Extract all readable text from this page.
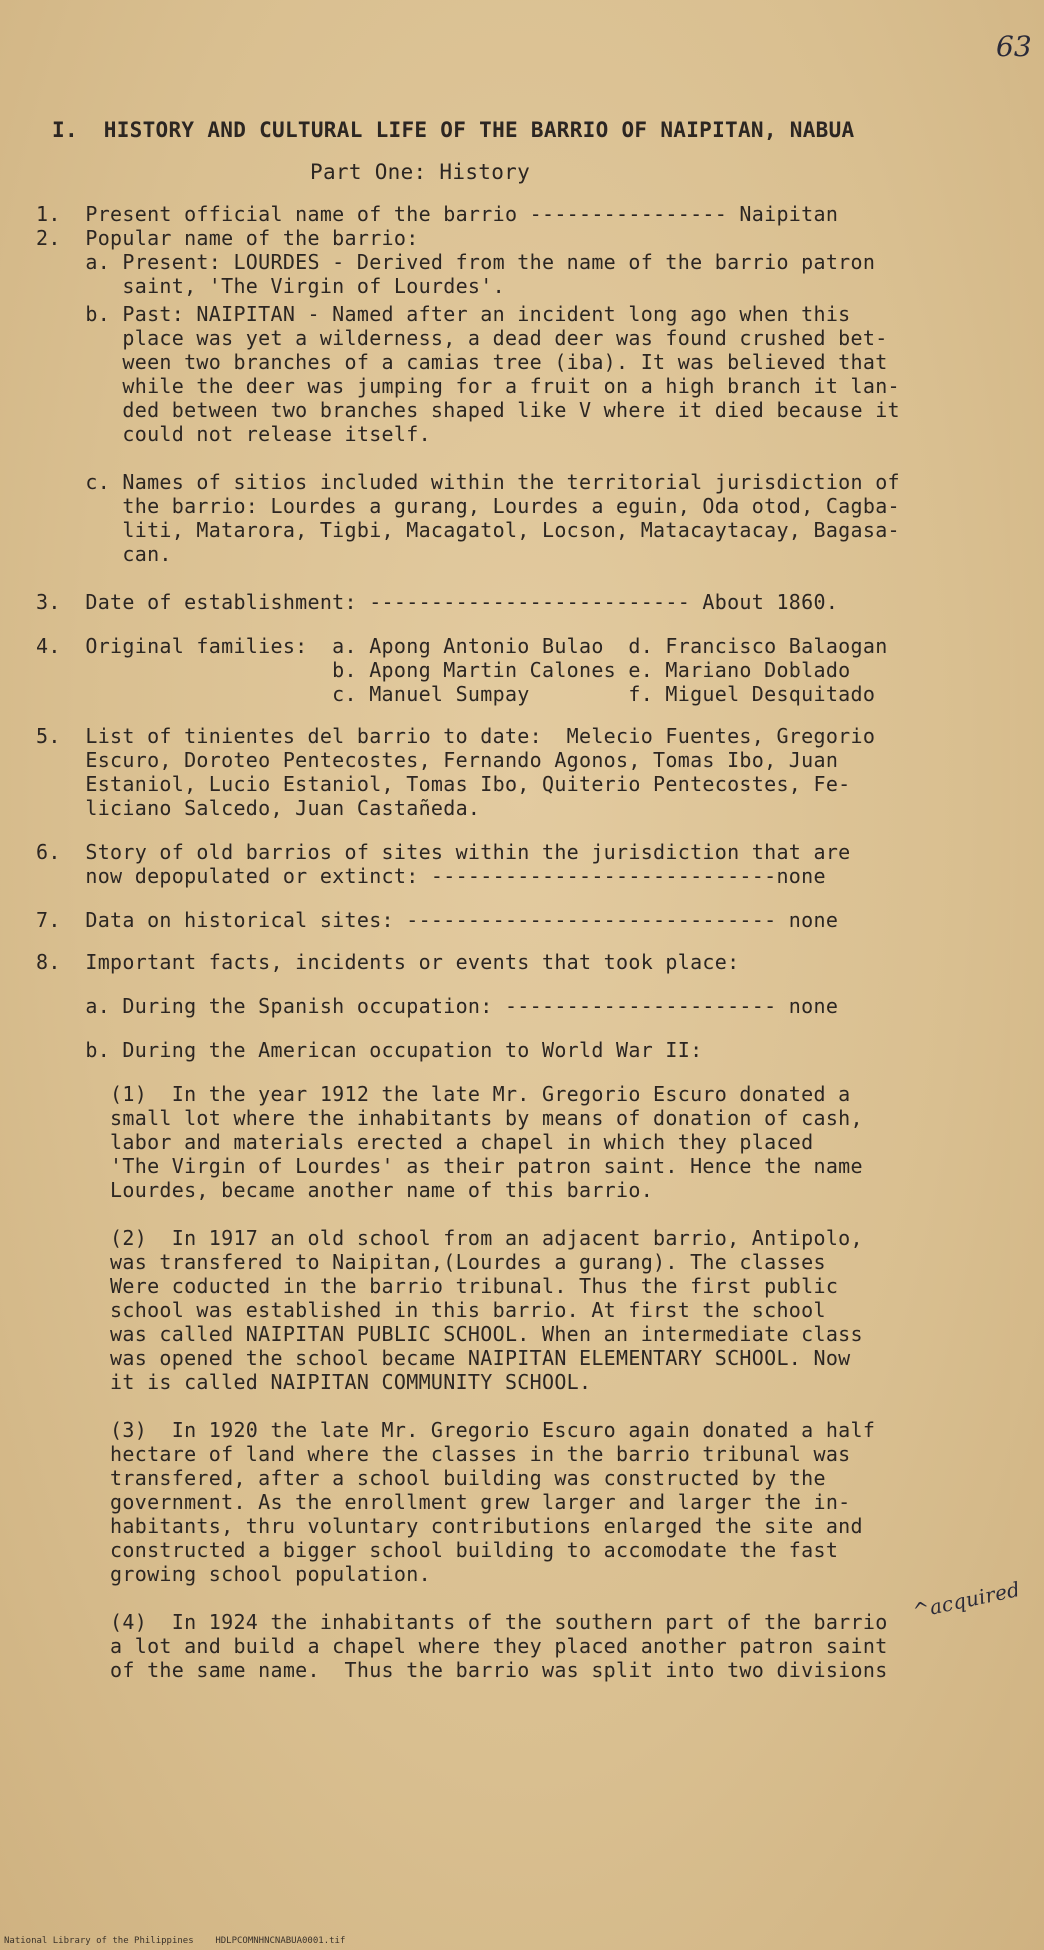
63
I.  HISTORY AND CULTURAL LIFE OF THE BARRIO OF NAIPITAN, NABUA
Part One: History
1.  Present official name of the barrio ---------------- Naipitan
2.  Popular name of the barrio:
a. Present: LOURDES - Derived from the name of the barrio patron
saint, 'The Virgin of Lourdes'.
b. Past: NAIPITAN - Named after an incident long ago when this
place was yet a wilderness, a dead deer was found crushed bet-
ween two branches of a camias tree (iba). It was believed that
while the deer was jumping for a fruit on a high branch it lan-
ded between two branches shaped like V where it died because it
could not release itself.
c. Names of sitios included within the territorial jurisdiction of
the barrio: Lourdes a gurang, Lourdes a eguin, Oda otod, Cagba-
liti, Matarora, Tigbi, Macagatol, Locson, Matacaytacay, Bagasa-
can.
3.  Date of establishment: -------------------------- About 1860.
4.  Original families:  a. Apong Antonio Bulao  d. Francisco Balaogan
b. Apong Martin Calones e. Mariano Doblado
c. Manuel Sumpay        f. Miguel Desquitado
5.  List of tinientes del barrio to date:  Melecio Fuentes, Gregorio
Escuro, Doroteo Pentecostes, Fernando Agonos, Tomas Ibo, Juan
Estaniol, Lucio Estaniol, Tomas Ibo, Quiterio Pentecostes, Fe-
liciano Salcedo, Juan Castañeda.
6.  Story of old barrios of sites within the jurisdiction that are
now depopulated or extinct: ----------------------------none
7.  Data on historical sites: ------------------------------ none
8.  Important facts, incidents or events that took place:
a. During the Spanish occupation: ---------------------- none
b. During the American occupation to World War II:
(1)  In the year 1912 the late Mr. Gregorio Escuro donated a
small lot where the inhabitants by means of donation of cash,
labor and materials erected a chapel in which they placed
'The Virgin of Lourdes' as their patron saint. Hence the name
Lourdes, became another name of this barrio.
(2)  In 1917 an old school from an adjacent barrio, Antipolo,
was transfered to Naipitan,(Lourdes a gurang). The classes
Were coducted in the barrio tribunal. Thus the first public
school was established in this barrio. At first the school
was called NAIPITAN PUBLIC SCHOOL. When an intermediate class
was opened the school became NAIPITAN ELEMENTARY SCHOOL. Now
it is called NAIPITAN COMMUNITY SCHOOL.
(3)  In 1920 the late Mr. Gregorio Escuro again donated a half
hectare of land where the classes in the barrio tribunal was
transfered, after a school building was constructed by the
government. As the enrollment grew larger and larger the in-
habitants, thru voluntary contributions enlarged the site and
constructed a bigger school building to accomodate the fast
growing school population.
(4)  In 1924 the inhabitants of the southern part of the barrio
a lot and build a chapel where they placed another patron saint
of the same name.  Thus the barrio was split into two divisions
^acquired
National Library of the Philippines    HDLPCOMNHNCNABUA0001.tif
